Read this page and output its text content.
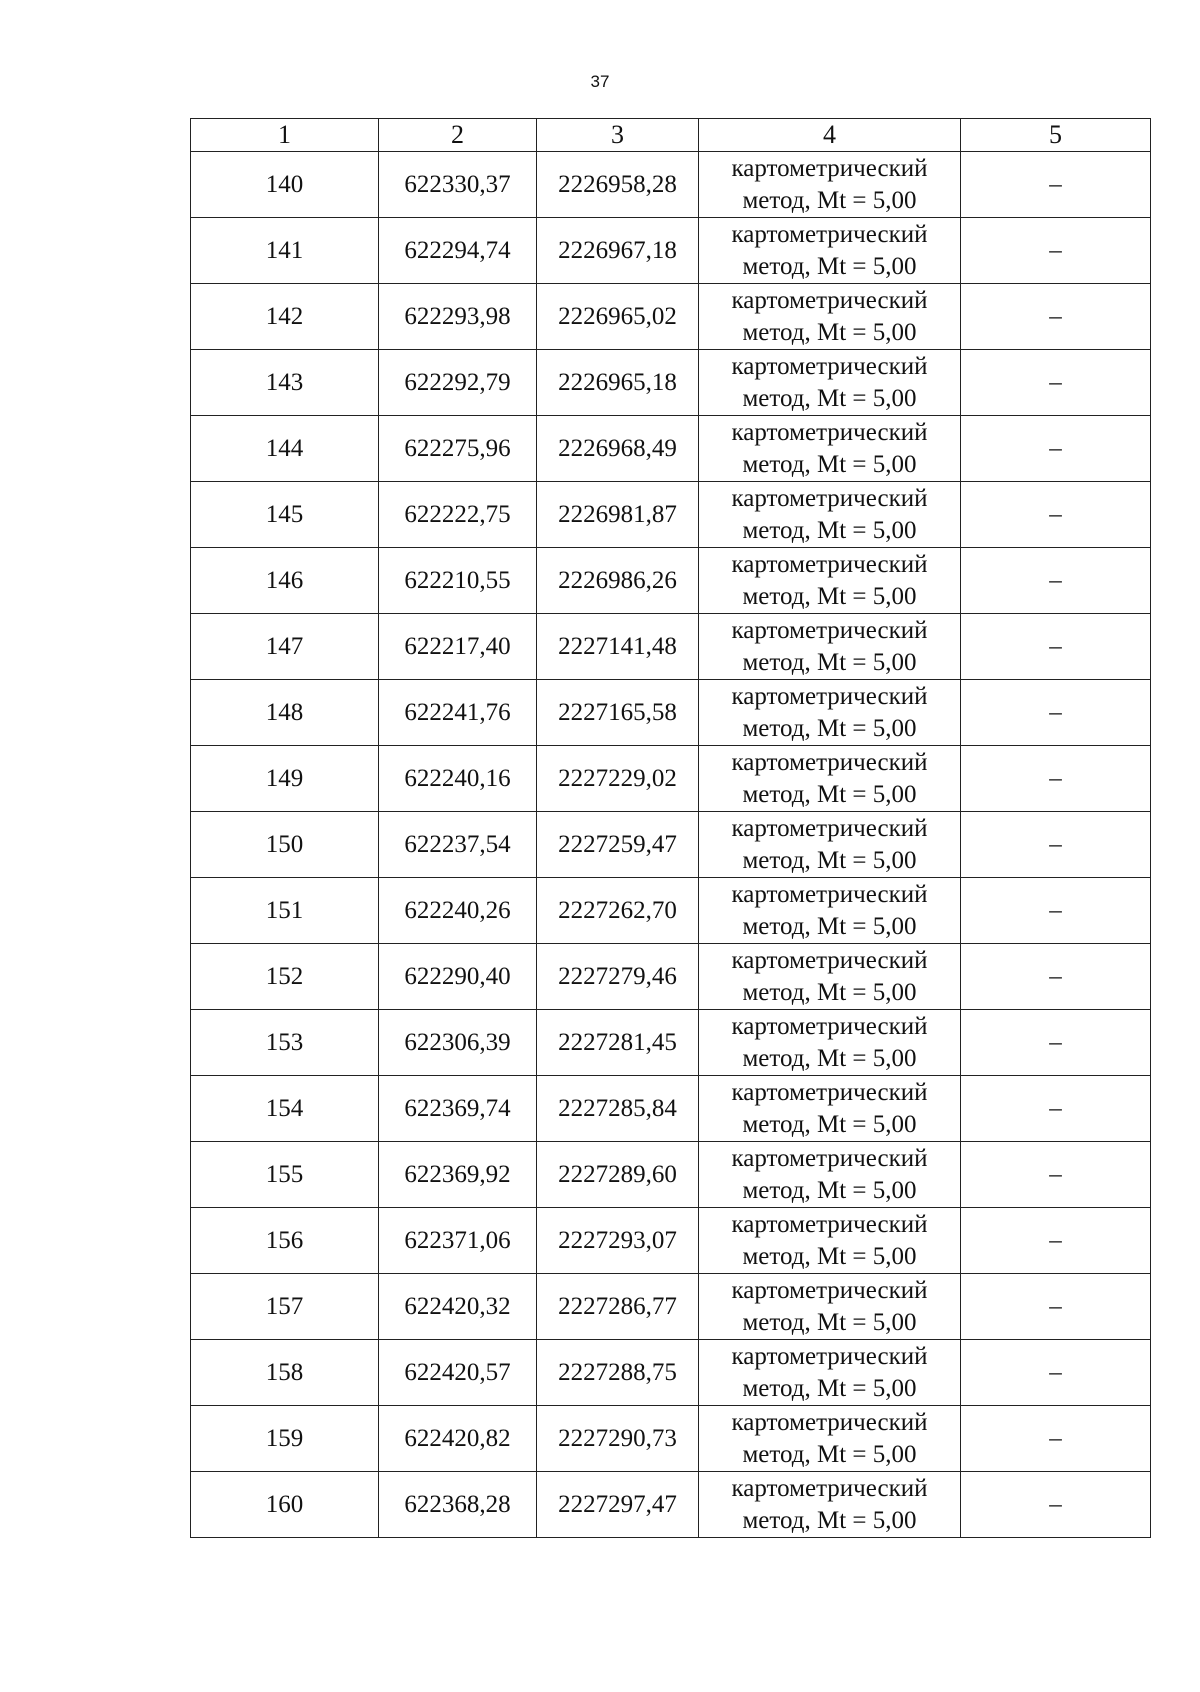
37
1	2	3	4	5
140	622330,37	2226958,28	картометрический
метод, Mt = 5,00	–
141	622294,74	2226967,18	картометрический
метод, Mt = 5,00	–
142	622293,98	2226965,02	картометрический
метод, Mt = 5,00	–
143	622292,79	2226965,18	картометрический
метод, Mt = 5,00	–
144	622275,96	2226968,49	картометрический
метод, Mt = 5,00	–
145	622222,75	2226981,87	картометрический
метод, Mt = 5,00	–
146	622210,55	2226986,26	картометрический
метод, Mt = 5,00	–
147	622217,40	2227141,48	картометрический
метод, Mt = 5,00	–
148	622241,76	2227165,58	картометрический
метод, Mt = 5,00	–
149	622240,16	2227229,02	картометрический
метод, Mt = 5,00	–
150	622237,54	2227259,47	картометрический
метод, Mt = 5,00	–
151	622240,26	2227262,70	картометрический
метод, Mt = 5,00	–
152	622290,40	2227279,46	картометрический
метод, Mt = 5,00	–
153	622306,39	2227281,45	картометрический
метод, Mt = 5,00	–
154	622369,74	2227285,84	картометрический
метод, Mt = 5,00	–
155	622369,92	2227289,60	картометрический
метод, Mt = 5,00	–
156	622371,06	2227293,07	картометрический
метод, Mt = 5,00	–
157	622420,32	2227286,77	картометрический
метод, Mt = 5,00	–
158	622420,57	2227288,75	картометрический
метод, Mt = 5,00	–
159	622420,82	2227290,73	картометрический
метод, Mt = 5,00	–
160	622368,28	2227297,47	картометрический
метод, Mt = 5,00	–
